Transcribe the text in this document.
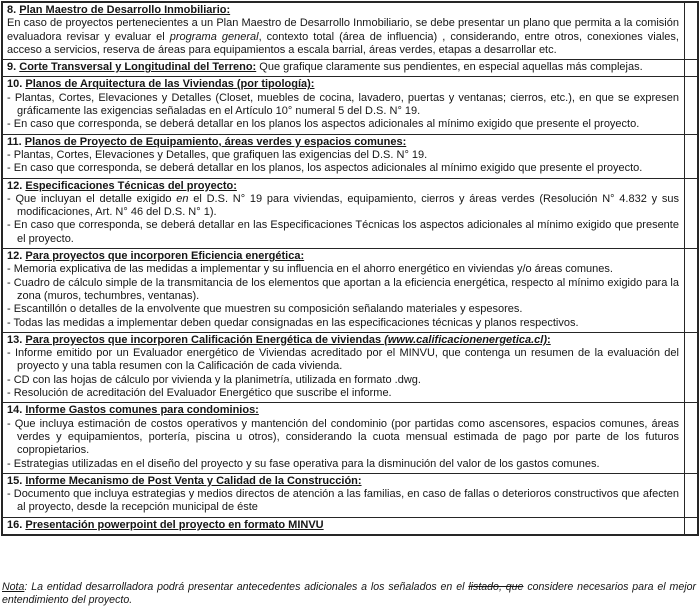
8. Plan Maestro de Desarrollo Inmobiliario:
En caso de proyectos pertenecientes a un Plan Maestro de Desarrollo Inmobiliario, se debe presentar un plano que permita a la comisión evaluadora revisar y evaluar el programa general, contexto total (área de influencia) , considerando, entre otros, conexiones viales, acceso a servicios, reserva de áreas para equipamientos a escala barrial, áreas verdes, etapas a desarrollar etc.
9. Corte Transversal y Longitudinal del Terreno: Que grafique claramente sus pendientes, en especial aquellas más complejas.
10. Planos de Arquitectura de las Viviendas (por tipología):
- Plantas, Cortes, Elevaciones y Detalles (Closet, muebles de cocina, lavadero, puertas y ventanas; cierros, etc.), en que se expresen gráficamente las exigencias señaladas en el Artículo 10° numeral 5 del D.S. N° 19.
- En caso que corresponda, se deberá detallar en los planos los aspectos adicionales al mínimo exigido que presente el proyecto.
11. Planos de Proyecto de Equipamiento, áreas verdes y espacios comunes:
- Plantas, Cortes, Elevaciones y Detalles, que grafiquen las exigencias del D.S. N° 19.
- En caso que corresponda, se deberá detallar en los planos, los aspectos adicionales al mínimo exigido que presente el proyecto.
12. Especificaciones Técnicas del proyecto:
- Que incluyan el detalle exigido en el D.S. N° 19 para viviendas, equipamiento, cierros y áreas verdes (Resolución N° 4.832 y sus modificaciones, Art. N° 46 del D.S. N° 1).
- En caso que corresponda, se deberá detallar en las Especificaciones Técnicas los aspectos adicionales al mínimo exigido que presente el proyecto.
12. Para proyectos que incorporen Eficiencia energética:
- Memoria explicativa de las medidas a implementar y su influencia en el ahorro energético en viviendas y/o áreas comunes.
- Cuadro de cálculo simple de la transmitancia de los elementos que aportan a la eficiencia energética, respecto al mínimo exigido para la zona (muros, techumbres, ventanas).
- Escantillón o detalles de la envolvente que muestren su composición señalando materiales y espesores.
- Todas las medidas a implementar deben quedar consignadas en las especificaciones técnicas y planos respectivos.
13. Para proyectos que incorporen Calificación Energética de viviendas (www.calificacionenergetica.cl):
- Informe emitido por un Evaluador energético de Viviendas acreditado por el MINVU, que contenga un resumen de la evaluación del proyecto y una tabla resumen con la Calificación de cada vivienda.
- CD con las hojas de cálculo por vivienda y la planimetría, utilizada en formato .dwg.
- Resolución de acreditación del Evaluador Energético que suscribe el informe.
14. Informe Gastos comunes para condominios:
- Que incluya estimación de costos operativos y mantención del condominio (por partidas como ascensores, espacios comunes, áreas verdes y equipamientos, portería, piscina u otros), considerando la cuota mensual estimada de pago por parte de los futuros copropietarios.
- Estrategias utilizadas en el diseño del proyecto y su fase operativa para la disminución del valor de los gastos comunes.
15. Informe Mecanismo de Post Venta y Calidad de la Construcción:
- Documento que incluya estrategias y medios directos de atención a las familias, en caso de fallas o deterioros constructivos que afecten al proyecto, desde la recepción municipal de éste
16. Presentación powerpoint del proyecto en formato MINVU
Nota: La entidad desarrolladora podrá presentar antecedentes adicionales a los señalados en el listado, que considere necesarios para el mejor entendimiento del proyecto.
